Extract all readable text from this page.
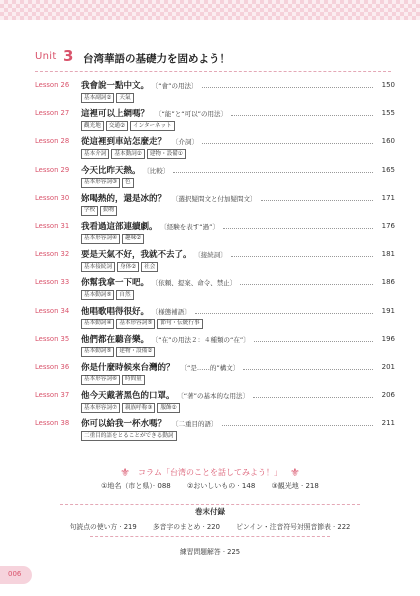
Unit 3 台湾華語の基礎力を固めよう！
Lesson 26 我會說一點中文。 〔“會”の用法〕	150
基本副詞② 天氣
Lesson 27 這裡可以上網嗎？ 〔“能”と“可以”の用法〕	155
觀光地 交通② インターネット
Lesson 28 從這裡到車站怎麼走？ 〔介詞〕	160
基本介詞 基本動詞② 建物・設備①
Lesson 29 今天比昨天熱。 〔比較〕	165
基本形容詞③ 色
Lesson 30 妳喝熱的，還是冰的？ 〔選択疑問文と付加疑問文〕	171
学校 動物
Lesson 31 我看過這部連續劇。 〔経験を表す“過”〕	176
基本形容詞④ 趣味②
Lesson 32 要是天氣不好，我就不去了。 〔接続詞〕	181
基本接続詞 身体② 社会
Lesson 33 你幫我拿一下吧。 〔依頼、提案、命令、禁止〕	186
基本動詞⑤ 自然
Lesson 34 他唱歌唱得很好。 〔様態補語〕	191
基本動詞④ 基本形容詞⑤ 節句・伝統行事
Lesson 35 他們都在聽音樂。 〔“在”の用法２：４種類の“在”〕	196
基本動詞⑤ 建物・設備②
Lesson 36 你是什麼時候來台灣的？ 〔“是……的”構文〕	201
基本形容詞⑥ 時間量
Lesson 37 他今天戴著黑色的口罩。 〔“著”の基本的な用法〕	206
基本形容詞⑦ 親族呼称③ 服飾②
Lesson 38 你可以給我一杯水嗎？ 〔二重目的語〕	211
二重目的語をとることができる動詞
⚜ コラム「台湾のことを話してみよう！」 ⚜
①地名（市と県）· 088 ②おいしいもの · 148 ③観光地 · 218
巻末付録
句読点の使い方 · 219 多音字のまとめ · 220 ピンイン・注音符号対照音節表 · 222
練習問題解答 · 225
006
